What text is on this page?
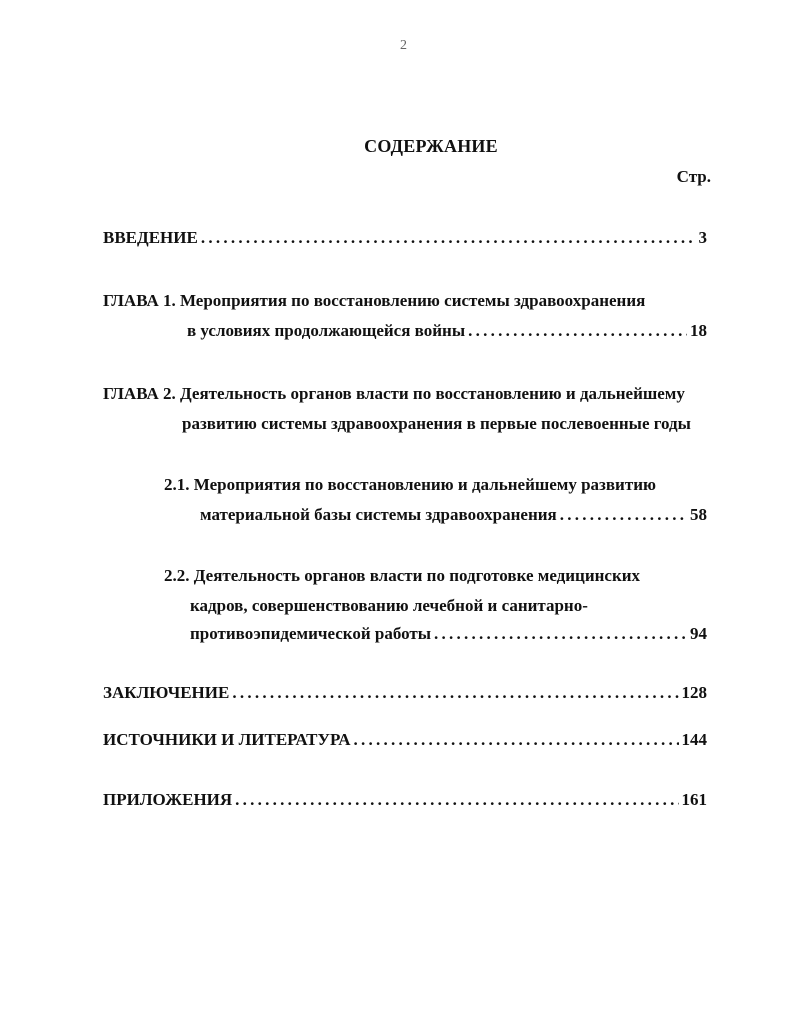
2
СОДЕРЖАНИЕ
Стр.
ВВЕДЕНИЕ . . .	3
ГЛАВА 1. Мероприятия по восстановлению системы здравоохранения
в условиях продолжающейся войны . . .	18
ГЛАВА 2. Деятельность органов власти по восстановлению и дальнейшему
развитию системы здравоохранения в первые послевоенные годы
2.1. Мероприятия по восстановлению и дальнейшему развитию
материальной базы системы здравоохранения . . .	58
2.2. Деятельность органов власти по подготовке медицинских
кадров, совершенствованию лечебной и санитарно-
противоэпидемической работы . . .	94
ЗАКЛЮЧЕНИЕ . . .	128
ИСТОЧНИКИ И ЛИТЕРАТУРА . . .	144
ПРИЛОЖЕНИЯ . . .	161
